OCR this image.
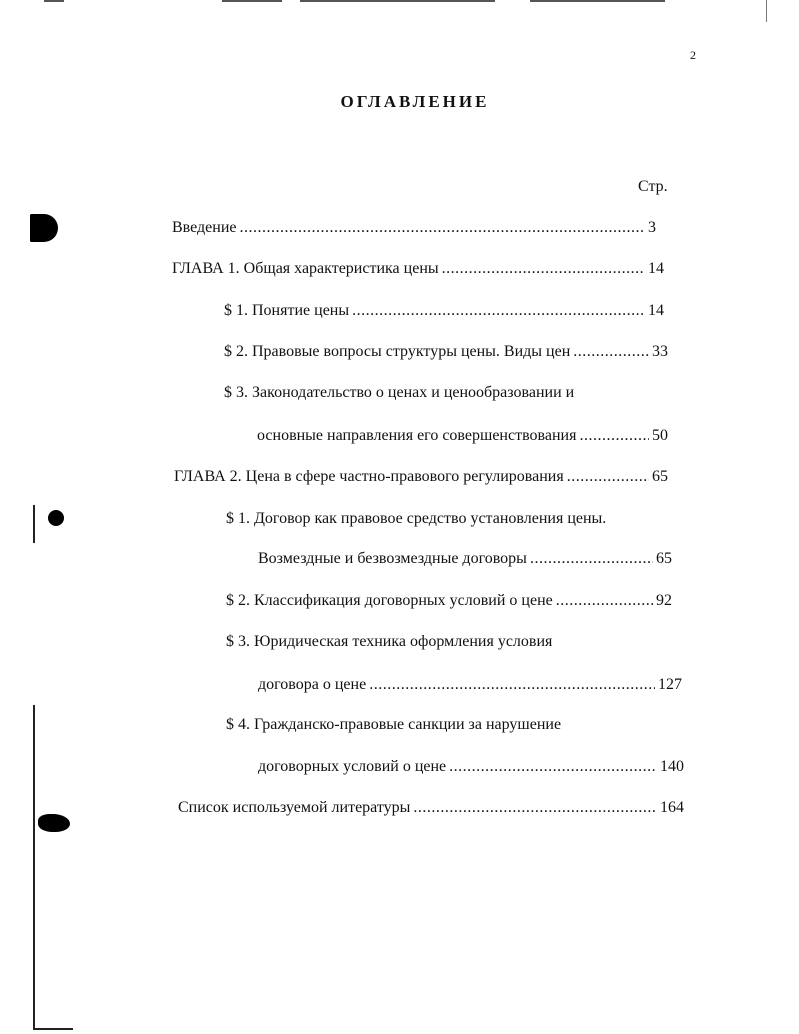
2
ОГЛАВЛЕНИЕ
Стр.
Введение .....	3
ГЛАВА 1. Общая характеристика цены .....	14
$ 1. Понятие цены .....	14
$ 2. Правовые вопросы структуры цены. Виды цен .....	33
$ 3. Законодательство о ценах и ценообразовании и
основные направления его совершенствования .....	50
ГЛАВА 2. Цена в сфере частно-правового регулирования .....	65
$ 1. Договор как правовое средство установления цены.
Возмездные и безвозмездные договоры .....	65
$ 2. Классификация договорных условий о цене .....	92
$ 3. Юридическая техника оформления условия
договора о цене .....	127
$ 4. Гражданско-правовые санкции за нарушение
договорных условий о цене .....	140
Список используемой литературы .....	164
